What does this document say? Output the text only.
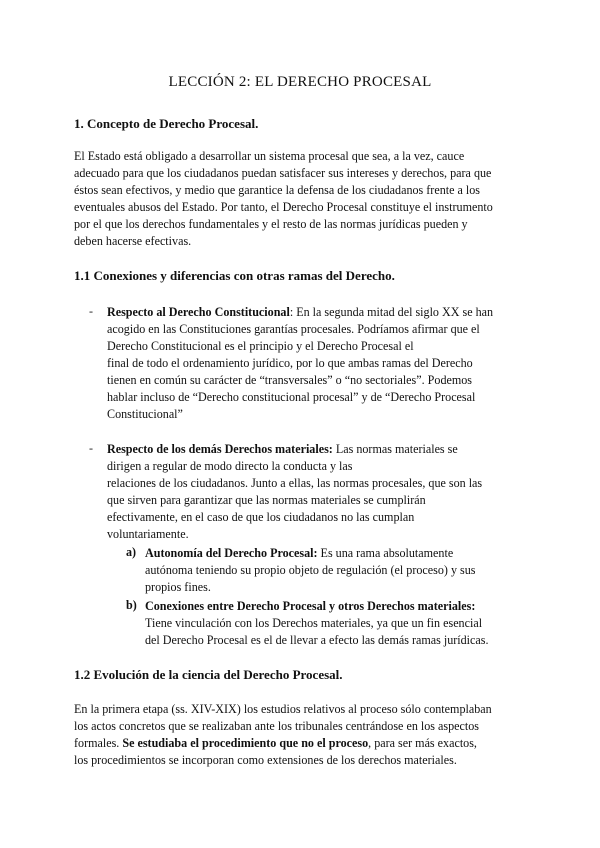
LECCIÓN 2: EL DERECHO PROCESAL
1. Concepto de Derecho Procesal.
El Estado está obligado a desarrollar un sistema procesal que sea, a la vez, cauce
adecuado para que los ciudadanos puedan satisfacer sus intereses y derechos, para que
éstos sean efectivos, y medio que garantice la defensa de los ciudadanos frente a los
eventuales abusos del Estado. Por tanto, el Derecho Procesal constituye el instrumento
por el que los derechos fundamentales y el resto de las normas jurídicas pueden y
deben hacerse efectivas.
1.1 Conexiones y diferencias con otras ramas del Derecho.
- Respecto al Derecho Constitucional: En la segunda mitad del siglo XX se han
acogido en las Constituciones garantías procesales. Podríamos afirmar que el
Derecho Constitucional es el principio y el Derecho Procesal el
final de todo el ordenamiento jurídico, por lo que ambas ramas del Derecho
tienen en común su carácter de “transversales” o “no sectoriales”. Podemos
hablar incluso de “Derecho constitucional procesal” y de “Derecho Procesal
Constitucional”
- Respecto de los demás Derechos materiales: Las normas materiales se
dirigen a regular de modo directo la conducta y las
relaciones de los ciudadanos. Junto a ellas, las normas procesales, que son las
que sirven para garantizar que las normas materiales se cumplirán
efectivamente, en el caso de que los ciudadanos no las cumplan
voluntariamente.
a) Autonomía del Derecho Procesal: Es una rama absolutamente
autónoma teniendo su propio objeto de regulación (el proceso) y sus
propios fines.
b) Conexiones entre Derecho Procesal y otros Derechos materiales:
Tiene vinculación con los Derechos materiales, ya que un fin esencial
del Derecho Procesal es el de llevar a efecto las demás ramas jurídicas.
1.2 Evolución de la ciencia del Derecho Procesal.
En la primera etapa (ss. XIV-XIX) los estudios relativos al proceso sólo contemplaban
los actos concretos que se realizaban ante los tribunales centrándose en los aspectos
formales. Se estudiaba el procedimiento que no el proceso, para ser más exactos,
los procedimientos se incorporan como extensiones de los derechos materiales.
